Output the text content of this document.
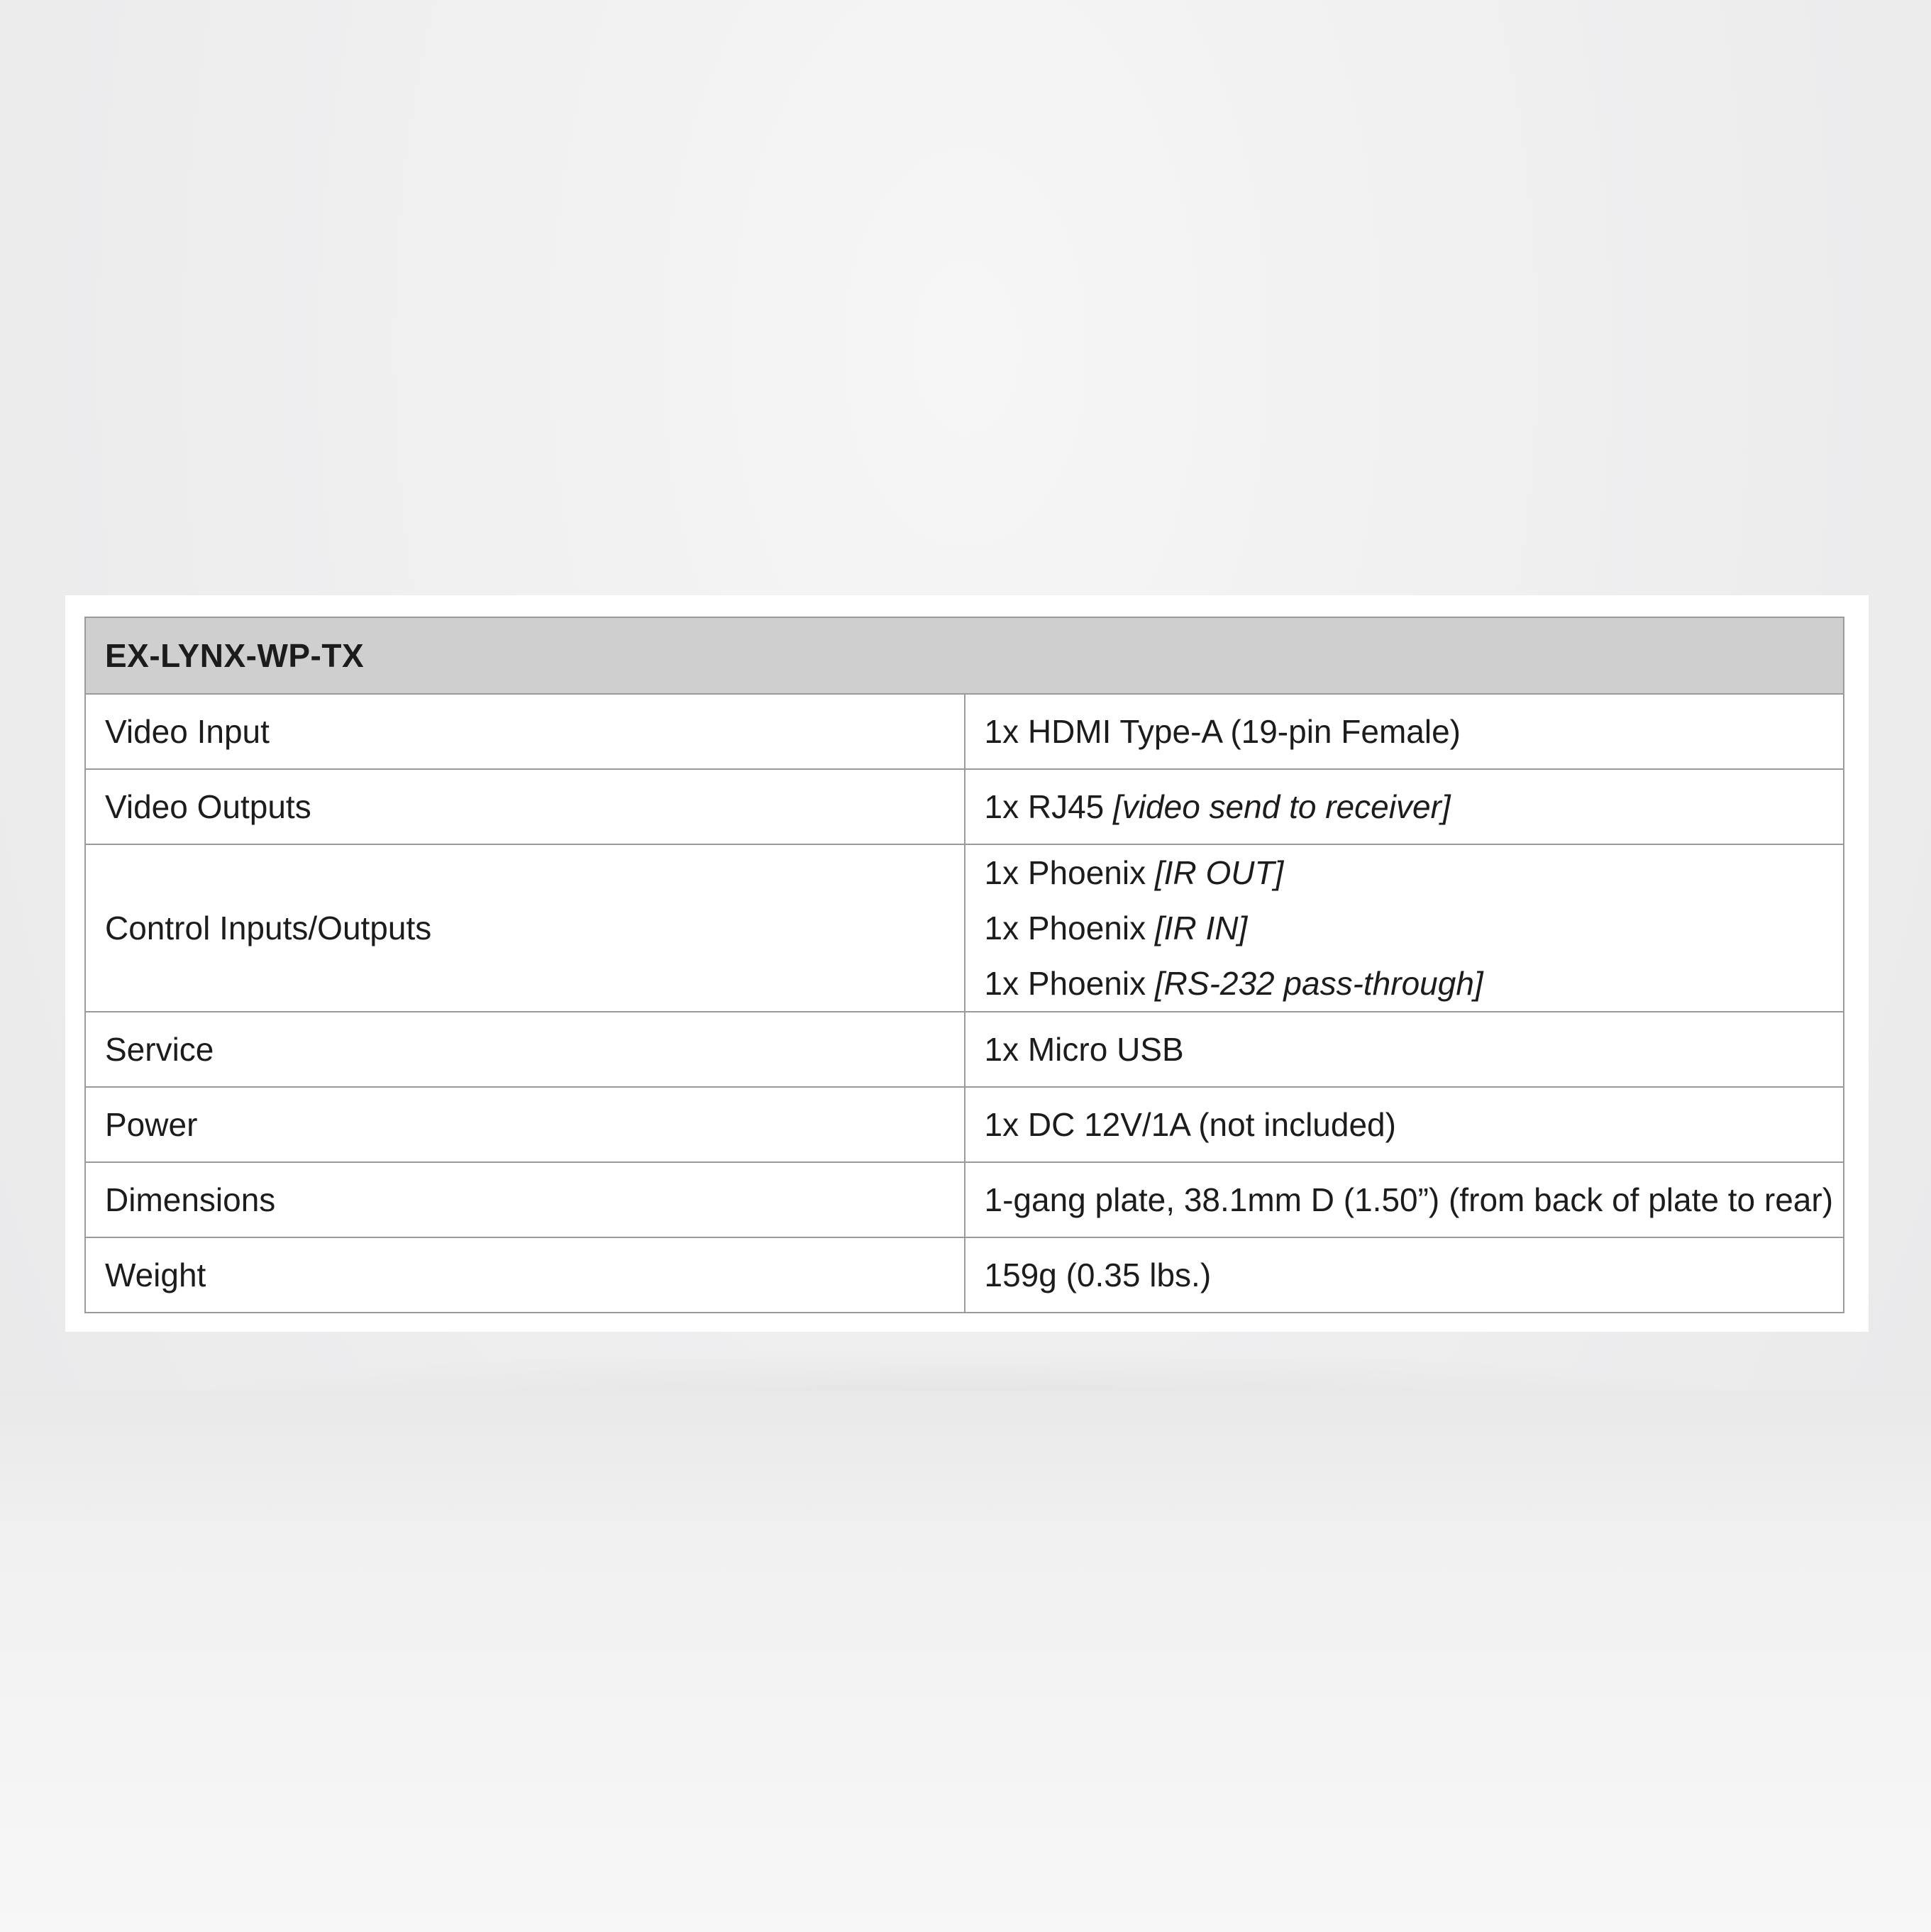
EX-LYNX-WP-TX	
Video Input	1x HDMI Type-A (19-pin Female)
Video Outputs	1x RJ45 [video send to receiver]
Control Inputs/Outputs	1x Phoenix [IR OUT]
1x Phoenix [IR IN]
1x Phoenix [RS-232 pass-through]

Service	1x Micro USB
Power	1x DC 12V/1A (not included)
Dimensions	1-gang plate, 38.1mm D (1.50”) (from back of plate to rear)
Weight	159g (0.35 lbs.)
